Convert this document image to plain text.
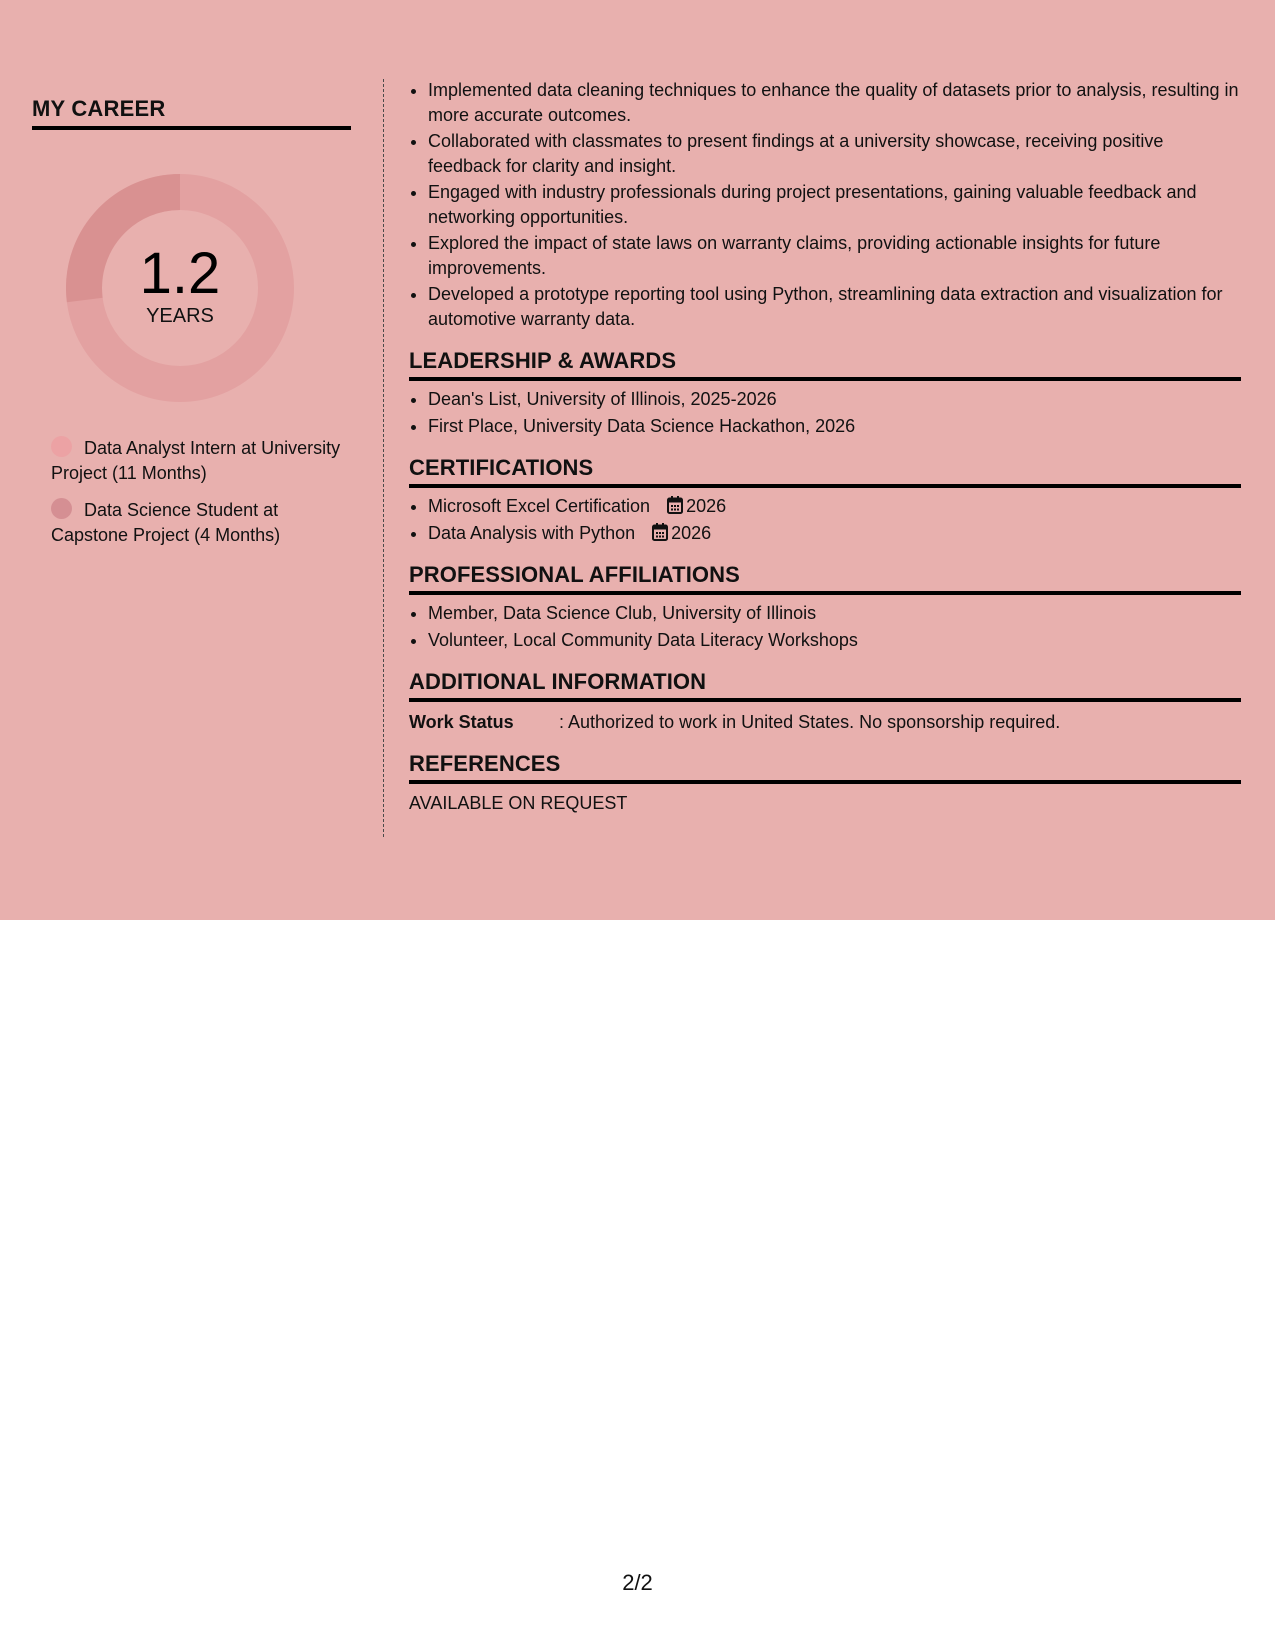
MY CAREER
1.2
YEARS
Data Analyst Intern at University Project (11 Months)
Data Science Student at Capstone Project (4 Months)
• Implemented data cleaning techniques to enhance the quality of datasets prior to analysis, resulting in more accurate outcomes.
• Collaborated with classmates to present findings at a university showcase, receiving positive feedback for clarity and insight.
• Engaged with industry professionals during project presentations, gaining valuable feedback and networking opportunities.
• Explored the impact of state laws on warranty claims, providing actionable insights for future improvements.
• Developed a prototype reporting tool using Python, streamlining data extraction and visualization for automotive warranty data.
LEADERSHIP & AWARDS
• Dean's List, University of Illinois, 2025-2026
• First Place, University Data Science Hackathon, 2026
CERTIFICATIONS
• Microsoft Excel Certification 2026
• Data Analysis with Python 2026
PROFESSIONAL AFFILIATIONS
• Member, Data Science Club, University of Illinois
• Volunteer, Local Community Data Literacy Workshops
ADDITIONAL INFORMATION
Work Status	: Authorized to work in United States. No sponsorship required.
REFERENCES
AVAILABLE ON REQUEST
2/2
